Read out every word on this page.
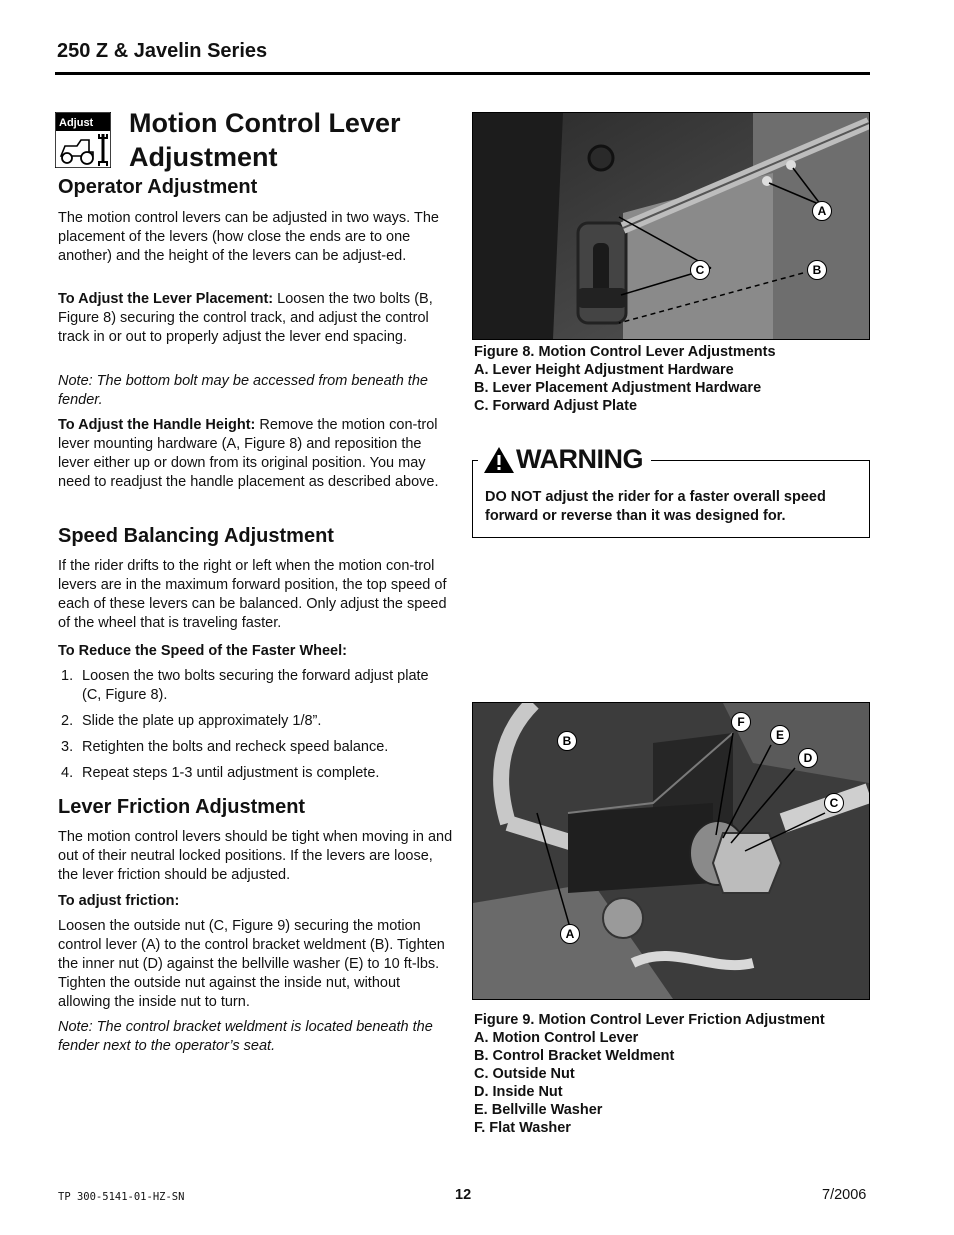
250 Z & Javelin Series
Adjust Motion Control Lever Adjustment
Operator Adjustment
The motion control levers can be adjusted in two ways. The placement of the levers (how close the ends are to one another) and the height of the levers can be adjust-ed.
To Adjust the Lever Placement: Loosen the two bolts (B, Figure 8) securing the control track, and adjust the control track in or out to properly adjust the lever end spacing.
Note: The bottom bolt may be accessed from beneath the fender.
To Adjust the Handle Height: Remove the motion con-trol lever mounting hardware (A, Figure 8) and reposition the lever either up or down from its original position. You may need to readjust the handle placement as described above.
Speed Balancing Adjustment
If the rider drifts to the right or left when the motion con-trol levers are in the maximum forward position, the top speed of each of these levers can be balanced. Only adjust the speed of the wheel that is traveling faster.
To Reduce the Speed of the Faster Wheel:
1. Loosen the two bolts securing the forward adjust plate (C, Figure 8).
2. Slide the plate up approximately 1/8”.
3. Retighten the bolts and recheck speed balance.
4. Repeat steps 1-3 until adjustment is complete.
Lever Friction Adjustment
The motion control levers should be tight when moving in and out of their neutral locked positions. If the levers are loose, the lever friction should be adjusted.
To adjust friction:
Loosen the outside nut (C, Figure 9) securing the motion control lever (A) to the control bracket weldment (B). Tighten the inner nut (D) against the bellville washer (E) to 10 ft-lbs. Tighten the outside nut against the inside nut, without allowing the inside nut to turn.
Note: The control bracket weldment is located beneath the fender next to the operator’s seat.
A
B
C
Figure 8. Motion Control Lever Adjustments
A. Lever Height Adjustment Hardware
B. Lever Placement Adjustment Hardware
C. Forward Adjust Plate
WARNING
DO NOT adjust the rider for a faster overall speed forward or reverse than it was designed for.
F
E
D
C
B
A
Figure 9. Motion Control Lever Friction Adjustment
A. Motion Control Lever
B. Control Bracket Weldment
C. Outside Nut
D. Inside Nut
E. Bellville Washer
F. Flat Washer
TP 300-5141-01-HZ-SN	12	7/2006
